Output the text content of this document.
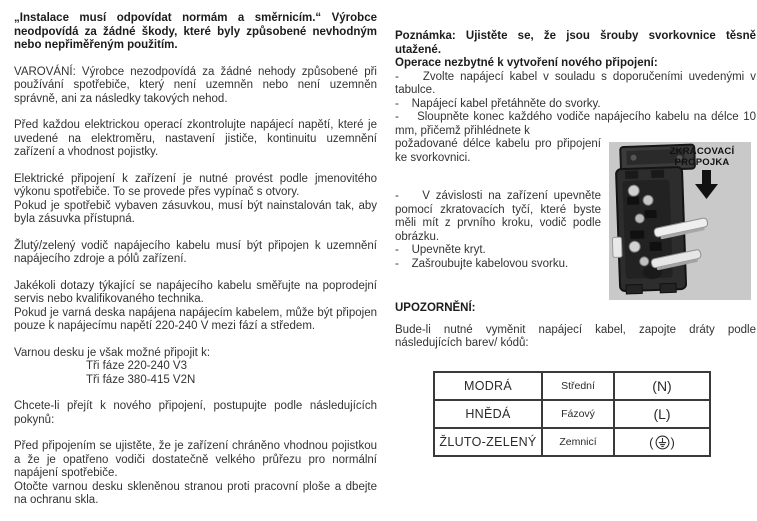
„Instalace musí odpovídat normám a směrnicím.“ Výrobce neodpovídá za žádné škody, které byly způsobené nevhodným nebo nepřiměřeným použitím.

VAROVÁNÍ: Výrobce nezodpovídá za žádné nehody způsobené při používání spotřebiče, který není uzemněn nebo není uzemněn správně, ani za následky takových nehod.

Před každou elektrickou operací zkontrolujte napájecí napětí, které je uvedené na elektroměru, nastavení jističe, kontinuitu uzemnění zařízení a vhodnost pojistky.

Elektrické připojení k zařízení je nutné provést podle jmenovitého výkonu spotřebiče. To se provede přes vypínač s otvory.

Pokud je spotřebič vybaven zásuvkou, musí být nainstalován tak, aby byla zásuvka přístupná.

Žlutý/zelený vodič napájecího kabelu musí být připojen k uzemnění napájecího zdroje a pólů zařízení.

Jakékoli dotazy týkající se napájecího kabelu směřujte na poprodejní servis nebo kvalifikovaného technika.

Pokud je varná deska napájena napájecím kabelem, může být připojen pouze k napájecímu napětí 220-240 V mezi fází a středem.

Varnou desku je však možné připojit k:

Tři fáze 220-240 V3

Tři fáze 380-415 V2N

Chcete-li přejít k nového připojení, postupujte podle následujících pokynů:

Před připojením se ujistěte, že je zařízení chráněno vhodnou pojistkou a že je opatřeno vodiči dostatečně velkého průřezu pro normální napájení spotřebiče.

Otočte varnou desku skleněnou stranou proti pracovní ploše a dbejte na ochranu skla.

Poznámka: Ujistěte se, že jsou šrouby svorkovnice těsně utažené.

Operace nezbytné k vytvoření nového připojení:

-    Zvolte napájecí kabel v souladu s doporučeními uvedenými v tabulce.

-    Napájecí kabel přetáhněte do svorky.

-    Sloupněte konec každého vodiče napájecího kabelu na délce 10 mm, přičemž přihlédnete k

požadované délce kabelu pro připojení ke svorkovnici.

-    V závislosti na zařízení upevněte pomocí zkratovacích tyčí, které byste měli mít z prvního kroku, vodič podle obrázku.

-    Upevněte kryt.

-    Zašroubujte kabelovou svorku.

ZKRACOVACÍ
PROPOJKA

UPOZORNĚNÍ:

Bude-li nutné vyměnit napájecí kabel, zapojte dráty podle následujících barev/ kódů:

MODRÁ	Střední	(N)
HNĚDÁ	Fázový	(L)
ŽLUTO-ZELENÝ	Zemnicí	( )
